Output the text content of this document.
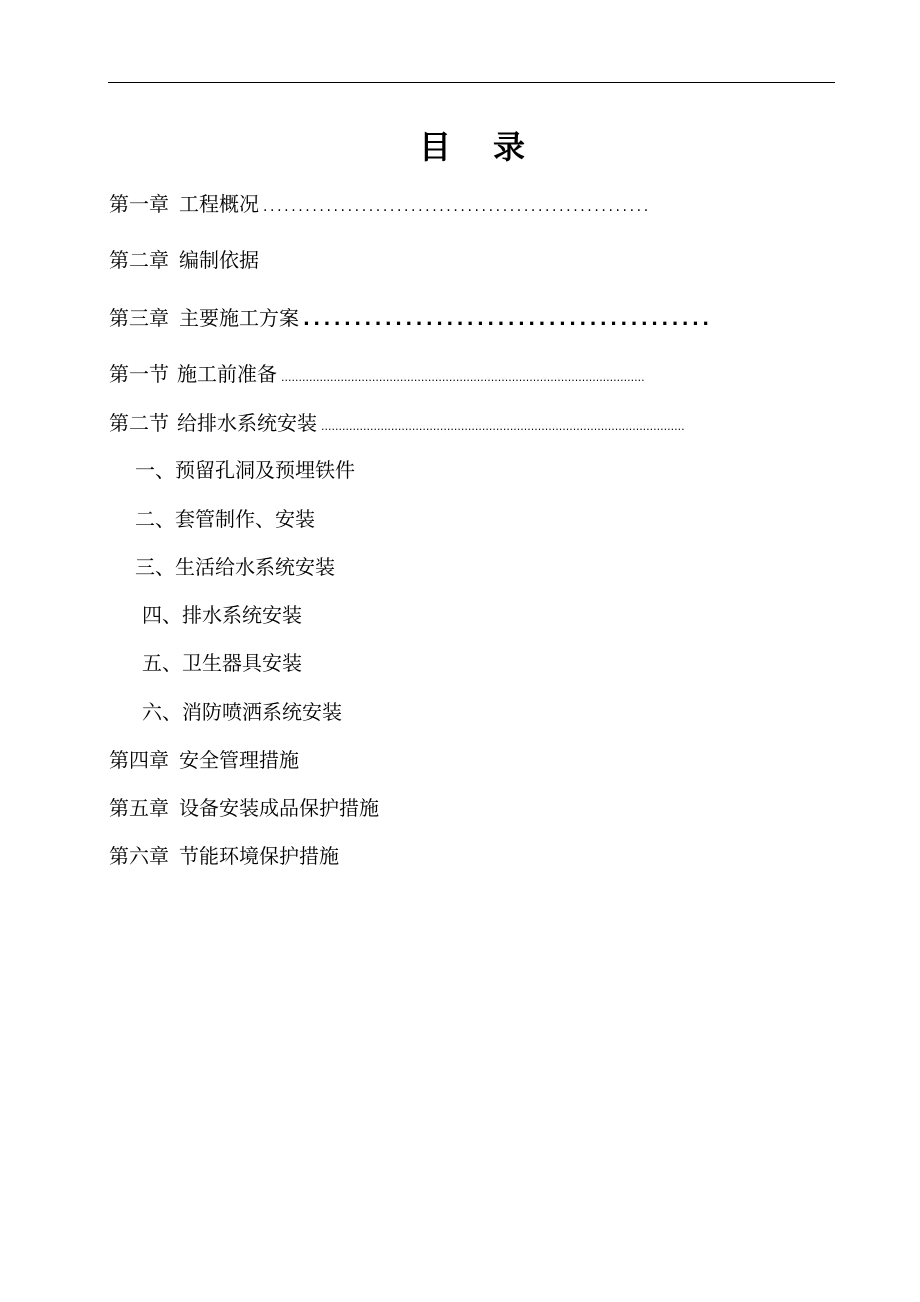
目 录
第一章 工程概况 .......................................................
第二章 编制依据
第三章 主要施工方案 ........................................
第一节 施工前准备 ........................................................................................................
第二节 给排水系统安装 ........................................................................................................
一、 预留孔洞及预埋铁件
二、 套管制作、安装
三、 生活给水系统安装
四、 排水系统安装
五、 卫生器具安装
六、 消防喷洒系统安装
第四章 安全管理措施
第五章 设备安装成品保护措施
第六章 节能环境保护措施
